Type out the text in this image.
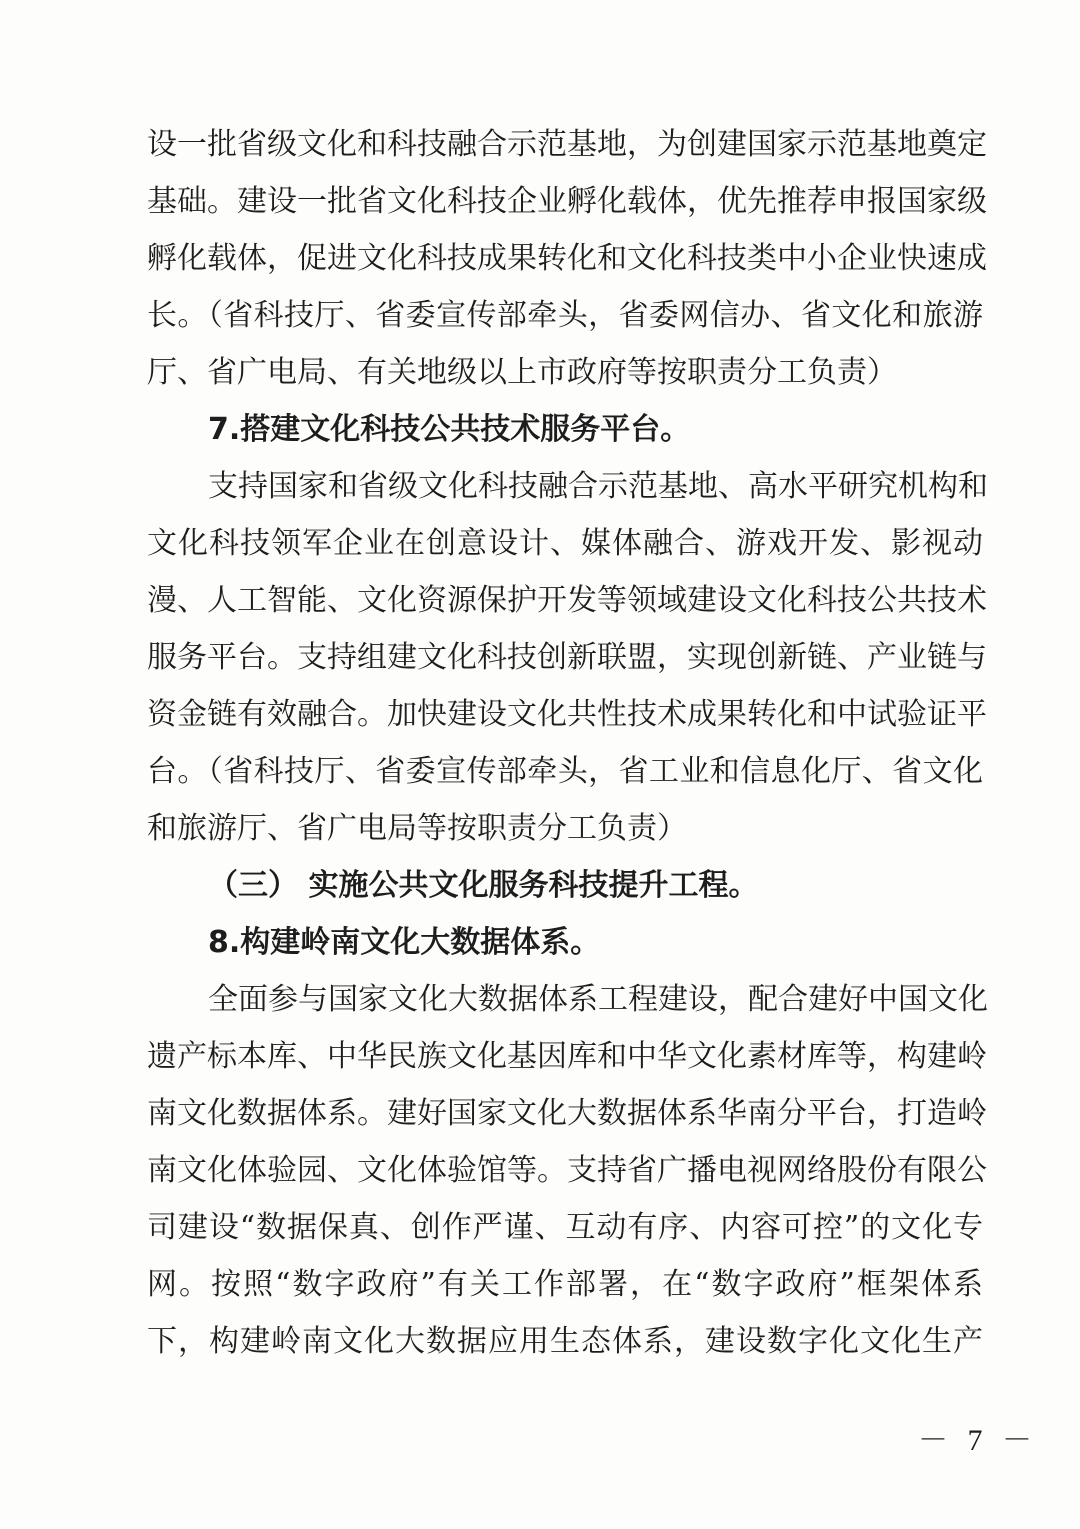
设一批省级文化和科技融合示范基地，为创建国家示范基地奠定
基础。建设一批省文化科技企业孵化载体，优先推荐申报国家级
孵化载体，促进文化科技成果转化和文化科技类中小企业快速成
长。（省科技厅、省委宣传部牵头，省委网信办、省文化和旅游
厅、省广电局、有关地级以上市政府等按职责分工负责）
7.搭建文化科技公共技术服务平台。
支持国家和省级文化科技融合示范基地、高水平研究机构和
文化科技领军企业在创意设计、媒体融合、游戏开发、影视动
漫、人工智能、文化资源保护开发等领域建设文化科技公共技术
服务平台。支持组建文化科技创新联盟，实现创新链、产业链与
资金链有效融合。加快建设文化共性技术成果转化和中试验证平
台。（省科技厅、省委宣传部牵头，省工业和信息化厅、省文化
和旅游厅、省广电局等按职责分工负责）
（三） 实施公共文化服务科技提升工程。
8.构建岭南文化大数据体系。
全面参与国家文化大数据体系工程建设，配合建好中国文化
遗产标本库、中华民族文化基因库和中华文化素材库等，构建岭
南文化数据体系。建好国家文化大数据体系华南分平台，打造岭
南文化体验园、文化体验馆等。支持省广播电视网络股份有限公
司建设“数据保真、创作严谨、互动有序、内容可控”的文化专
网。按照“数字政府”有关工作部署，在“数字政府”框架体系
下，构建岭南文化大数据应用生态体系，建设数字化文化生产
－ 7 －
